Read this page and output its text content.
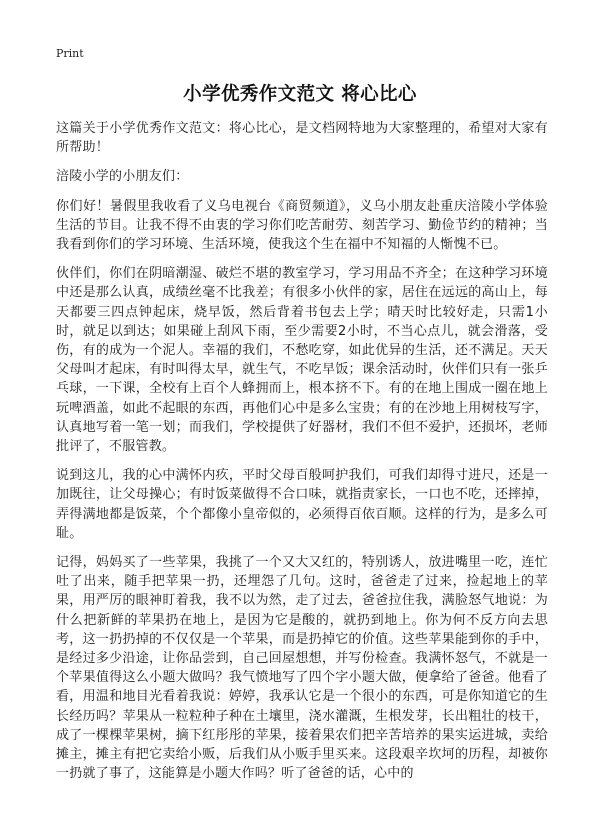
Print
小学优秀作文范文 将心比心

这篇关于小学优秀作文范文：将心比心，是文档网特地为大家整理的，希望对大家有所帮助！

涪陵小学的小朋友们：

你们好！暑假里我收看了义乌电视台《商贸频道》，义乌小朋友赴重庆涪陵小学体验生活的节目。让我不得不由衷的学习你们吃苦耐劳、刻苦学习、勤俭节约的精神；当我看到你们的学习环境、生活环境，使我这个生在福中不知福的人惭愧不已。

伙伴们，你们在阴暗潮湿、破烂不堪的教室学习，学习用品不齐全；在这种学习环境中还是那么认真，成绩丝毫不比我差；有很多小伙伴的家，居住在远远的高山上，每天都要三四点钟起床，烧早饭，然后背着书包去上学；晴天时比较好走，只需1小时，就足以到达；如果碰上刮风下雨，至少需要2小时，不当心点儿，就会滑落，受伤，有的成为一个泥人。幸福的我们，不愁吃穿，如此优异的生活，还不满足。天天父母叫才起床，有时叫得太早，就生气，不吃早饭；课余活动时，伙伴们只有一张乒乓球，一下课，全校有上百个人蜂拥而上，根本挤不下。有的在地上围成一圈在地上玩啤酒盖，如此不起眼的东西，再他们心中是多么宝贵；有的在沙地上用树枝写字，认真地写着一笔一划；而我们，学校提供了好器材，我们不但不爱护，还损坏，老师批评了，不服管教。

说到这儿，我的心中满怀内疚，平时父母百般呵护我们，可我们却得寸进尺，还是一加既往，让父母操心；有时饭菜做得不合口味，就指责家长，一口也不吃，还摔掉，弄得满地都是饭菜，个个都像小皇帝似的，必须得百依百顺。这样的行为，是多么可耻。

记得，妈妈买了一些苹果，我挑了一个又大又红的，特别诱人，放进嘴里一吃，连忙吐了出来，随手把苹果一扔，还埋怨了几句。这时，爸爸走了过来，捡起地上的苹果，用严厉的眼神盯着我，我不以为然，走了过去，爸爸拉住我，满脸怒气地说：为什么把新鲜的苹果扔在地上，是因为它是酸的，就扔到地上。你为何不反方向去思考，这一扔扔掉的不仅仅是一个苹果，而是扔掉它的价值。这些苹果能到你的手中，是经过多少沿途，让你品尝到，自己回屋想想，并写份检查。我满怀怒气，不就是一个苹果值得这么小题大做吗？我气愤地写了四个字小题大做，便拿给了爸爸。他看了看，用温和地目光看着我说：婷婷，我承认它是一个很小的东西，可是你知道它的生长经历吗？苹果从一粒粒种子种在土壤里，浇水灌溉，生根发芽，长出粗壮的枝干，成了一棵棵苹果树，摘下红彤彤的苹果，接着果农们把辛苦培养的果实运进城，卖给摊主，摊主有把它卖给小贩，后我们从小贩手里买来。这段艰辛坎坷的历程，却被你一扔就了事了，这能算是小题大作吗？听了爸爸的话，心中的
